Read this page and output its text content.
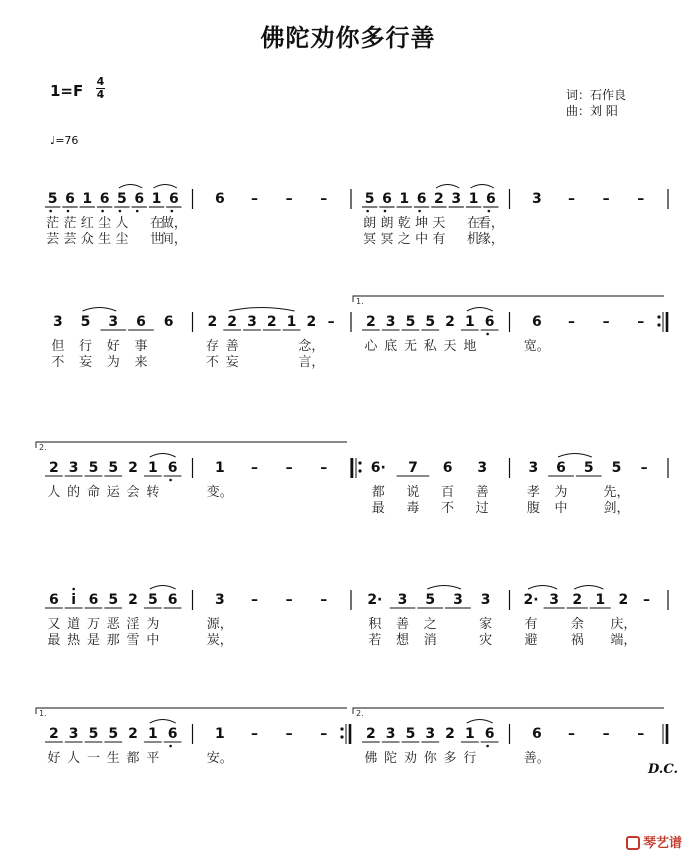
佛陀劝你多行善
1=F
4
4	词：石作良
曲：刘 阳
♩=76
5
茫
芸
6
茫
芸
1
红
众
6
尘
生
5
人
尘
6 1
在
世
6
做，
间，
6 – – –	5
朗
冥
6
朗
冥
1
乾
之
6
坤
中
2
天
有
3 1
在
机
6
看，
缘，
3 – – –
3
但
不
5
行
妄
3
好
为
6
事
来
6 2
存
不
2
善
妄
3 2 1 2
念，
言，
– 2
心
3
底
5
无
5
私
2
天
1
地
6
1.
6
宽。
– – –
2
人
3
的
5
命
5
运
2
会
1
转
6
2.
1
变。
– – –	6·
都
最
7
说
毒
6
百
不
3
善
过
3
孝
腹
6
为
中
5 5
先，
剑，
–
6
又
最
i
道
热
6
万
是
5
恶
那
2
淫
雪
5
为
中
6	3
源，
炭，
– – –	2·
积
若
3
善
想
5
之
消
3 3
家
灾
2·
有
避
3 2
余
祸
1 2
庆，
端，
–
2
好
3
人
5
一
5
生
2
都
1
平
6
1.
1
安。
– – –	2
佛
3
陀
5
劝
3
你
2
多
1
行
6
2.
6
善。
– – –
D.C.
琴艺谱
